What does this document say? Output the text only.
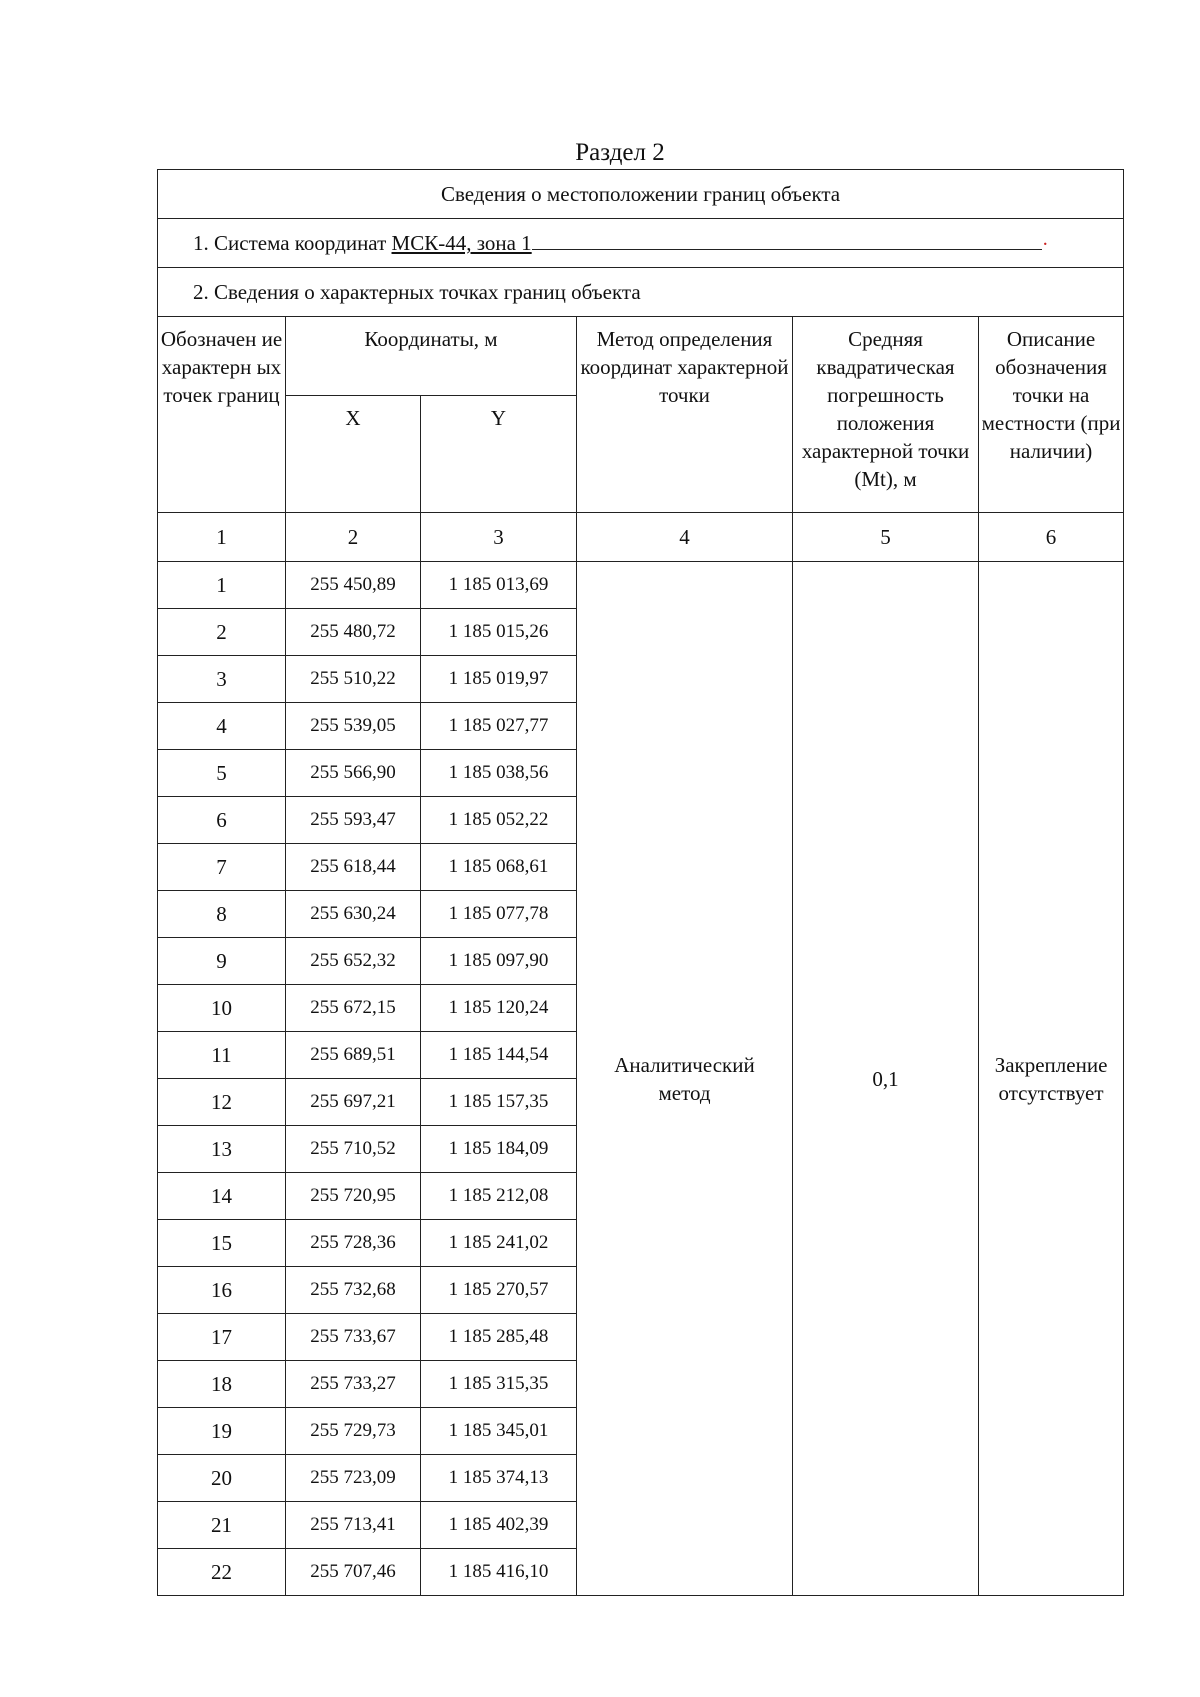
Раздел 2
Сведения о местоположении границ объекта					
1. Система координат МСК-44, зона 1 .					

2. Сведения о характерных точках границ объекта					
Обозначен ие характерн ых точек границ	Координаты, м		Метод определения координат характерной точки	Средняя квадратическая погрешность положения характерной точки (Mt), м	Описание обозначения точки на местности (при наличии)
	X	Y			
1	2	3	4	5	6
1	255 450,89	1 185 013,69	Аналитический метод	0,1	Закрепление отсутствует
2	255 480,72	1 185 015,26			
3	255 510,22	1 185 019,97			
4	255 539,05	1 185 027,77			
5	255 566,90	1 185 038,56			
6	255 593,47	1 185 052,22			
7	255 618,44	1 185 068,61			
8	255 630,24	1 185 077,78			
9	255 652,32	1 185 097,90			
10	255 672,15	1 185 120,24			
11	255 689,51	1 185 144,54			
12	255 697,21	1 185 157,35			
13	255 710,52	1 185 184,09			
14	255 720,95	1 185 212,08			
15	255 728,36	1 185 241,02			
16	255 732,68	1 185 270,57			
17	255 733,67	1 185 285,48			
18	255 733,27	1 185 315,35			
19	255 729,73	1 185 345,01			
20	255 723,09	1 185 374,13			
21	255 713,41	1 185 402,39			
22	255 707,46	1 185 416,10			
